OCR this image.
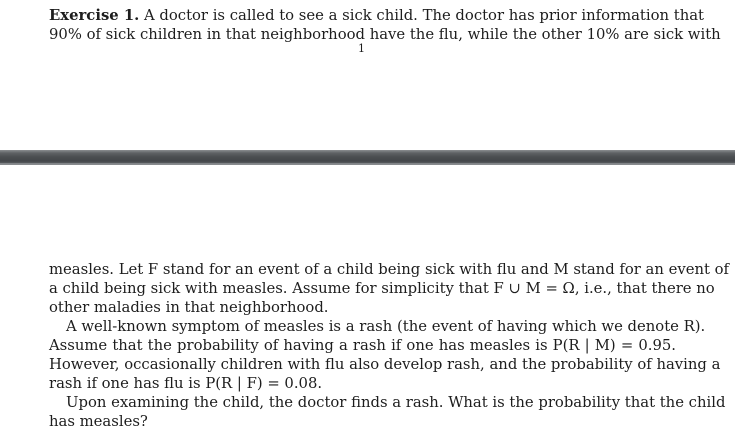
Exercise 1. A doctor is called to see a sick child. The doctor has prior information that
90% of sick children in that neighborhood have the flu, while the other 10% are sick with
1
measles. Let F stand for an event of a child being sick with flu and M stand for an event of
a child being sick with measles. Assume for simplicity that F ∪ M = Ω, i.e., that there no
other maladies in that neighborhood.
A well-known symptom of measles is a rash (the event of having which we denote R).
Assume that the probability of having a rash if one has measles is P(R | M) = 0.95.
However, occasionally children with flu also develop rash, and the probability of having a
rash if one has flu is P(R | F) = 0.08.
Upon examining the child, the doctor finds a rash. What is the probability that the child
has measles?
